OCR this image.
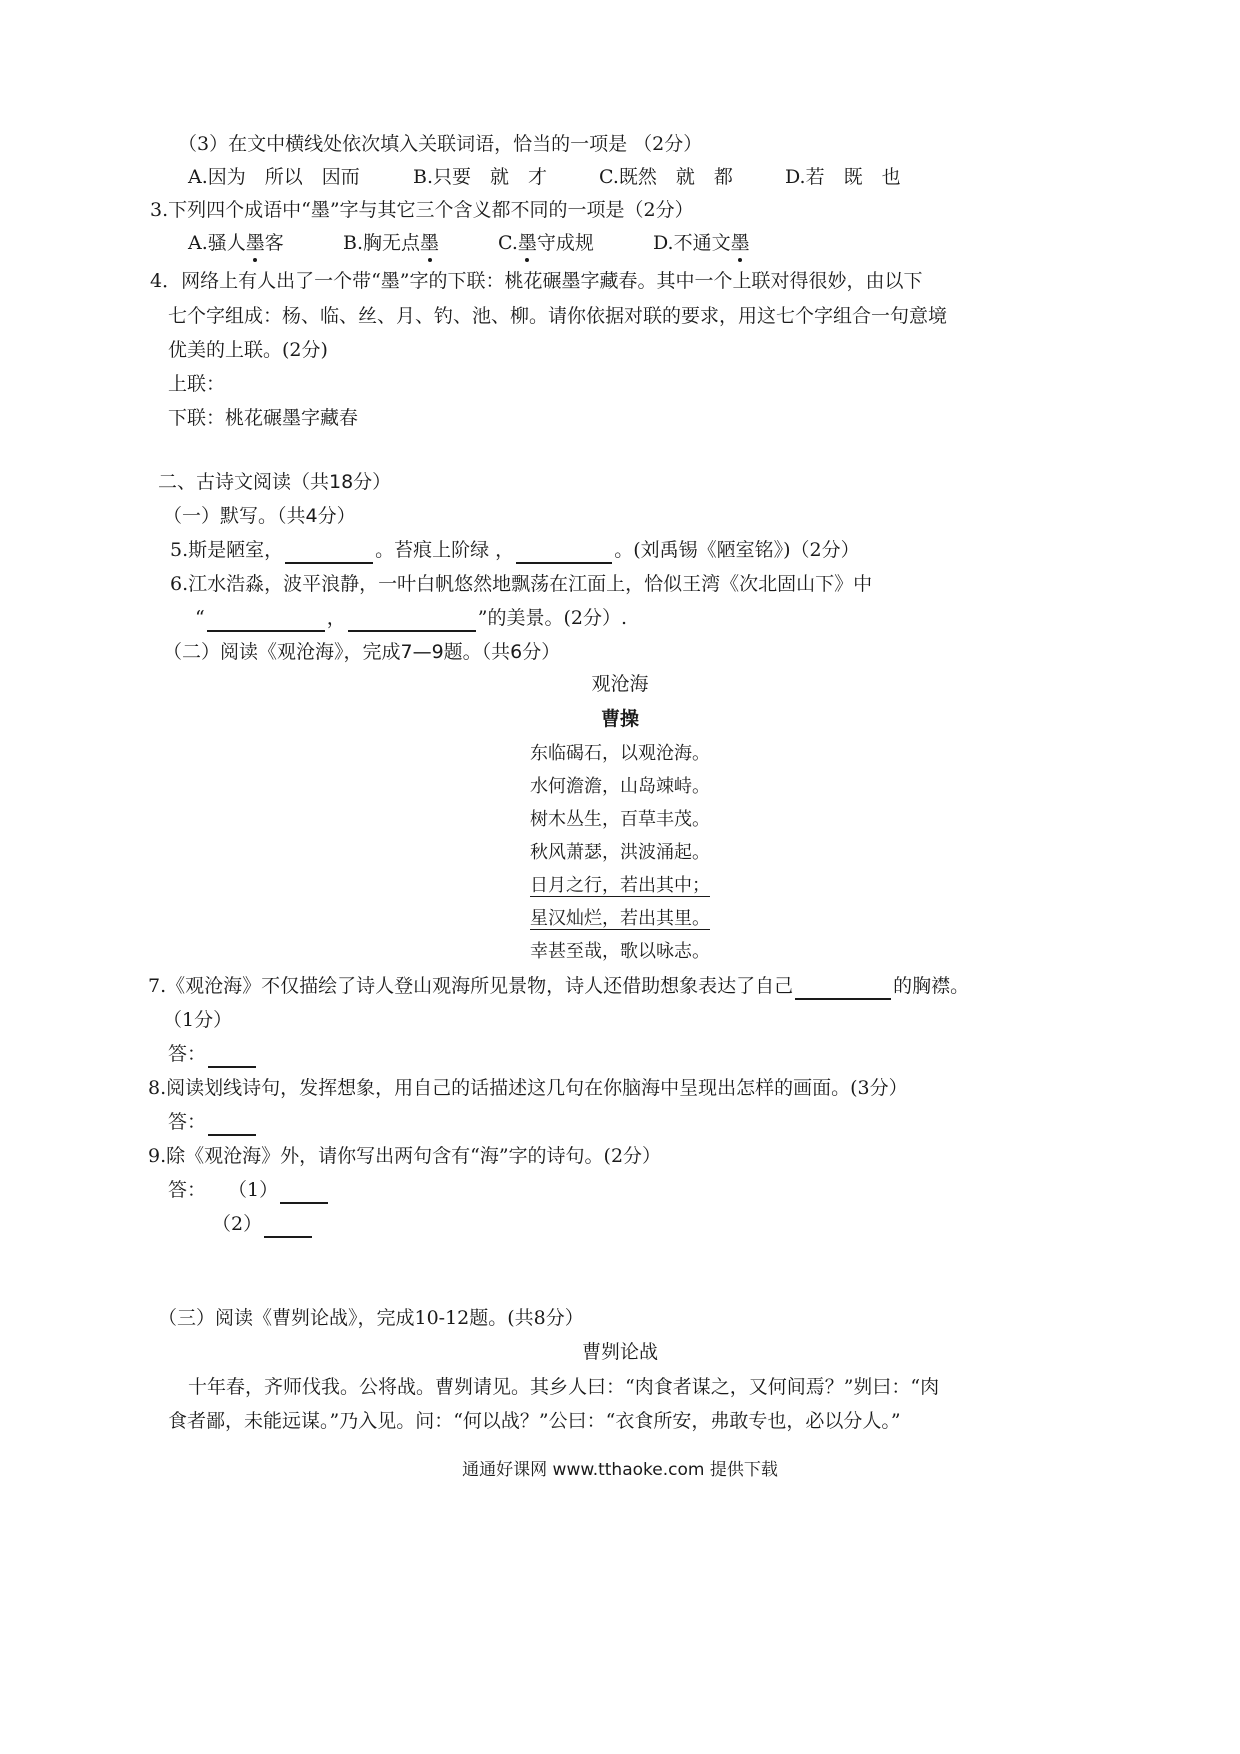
（3）在文中横线处依次填入关联词语，恰当的一项是 （2分）
A.因为　所以　因而	B.只要　就　才	C.既然　就　都	D.若　既　也
3.下列四个成语中“墨”字与其它三个含义都不同的一项是（2分）
A.骚人墨客	B.胸无点墨	C.墨守成规	D.不通文墨
4．网络上有人出了一个带“墨”字的下联：桃花碾墨字藏春。其中一个上联对得很妙，由以下
七个字组成：杨、临、丝、月、钓、池、柳。请你依据对联的要求，用这七个字组合一句意境
优美的上联。(2分)
上联：
下联：桃花碾墨字藏春
二、古诗文阅读（共18分）
（一）默写。（共4分）
5.斯是陋室，	。苔痕上阶绿 ，	。(刘禹锡《陋室铭》)（2分）
6.江水浩淼，波平浪静，一叶白帆悠然地飘荡在江面上，恰似王湾《次北固山下》中
“	，	”的美景。(2分）.
（二）阅读《观沧海》，完成7—9题。（共6分）
观沧海
曹操
东临碣石，以观沧海。
水何澹澹，山岛竦峙。
树木丛生，百草丰茂。
秋风萧瑟，洪波涌起。
日月之行，若出其中；
星汉灿烂，若出其里。
幸甚至哉，歌以咏志。
7.《观沧海》不仅描绘了诗人登山观海所见景物，诗人还借助想象表达了自己	的胸襟。
（1分）
答：
8.阅读划线诗句，发挥想象，用自己的话描述这几句在你脑海中呈现出怎样的画面。(3分）
答：
9.除《观沧海》外，请你写出两句含有“海”字的诗句。(2分）
答： （1）
（2）
（三）阅读《曹刿论战》，完成10-12题。(共8分）
曹刿论战
十年春，齐师伐我。公将战。曹刿请见。其乡人曰：“肉食者谋之，又何间焉？”刿曰：“肉
食者鄙，未能远谋。”乃入见。问：“何以战？”公曰：“衣食所安，弗敢专也，必以分人。”
通通好课网 www.tthaoke.com 提供下载
